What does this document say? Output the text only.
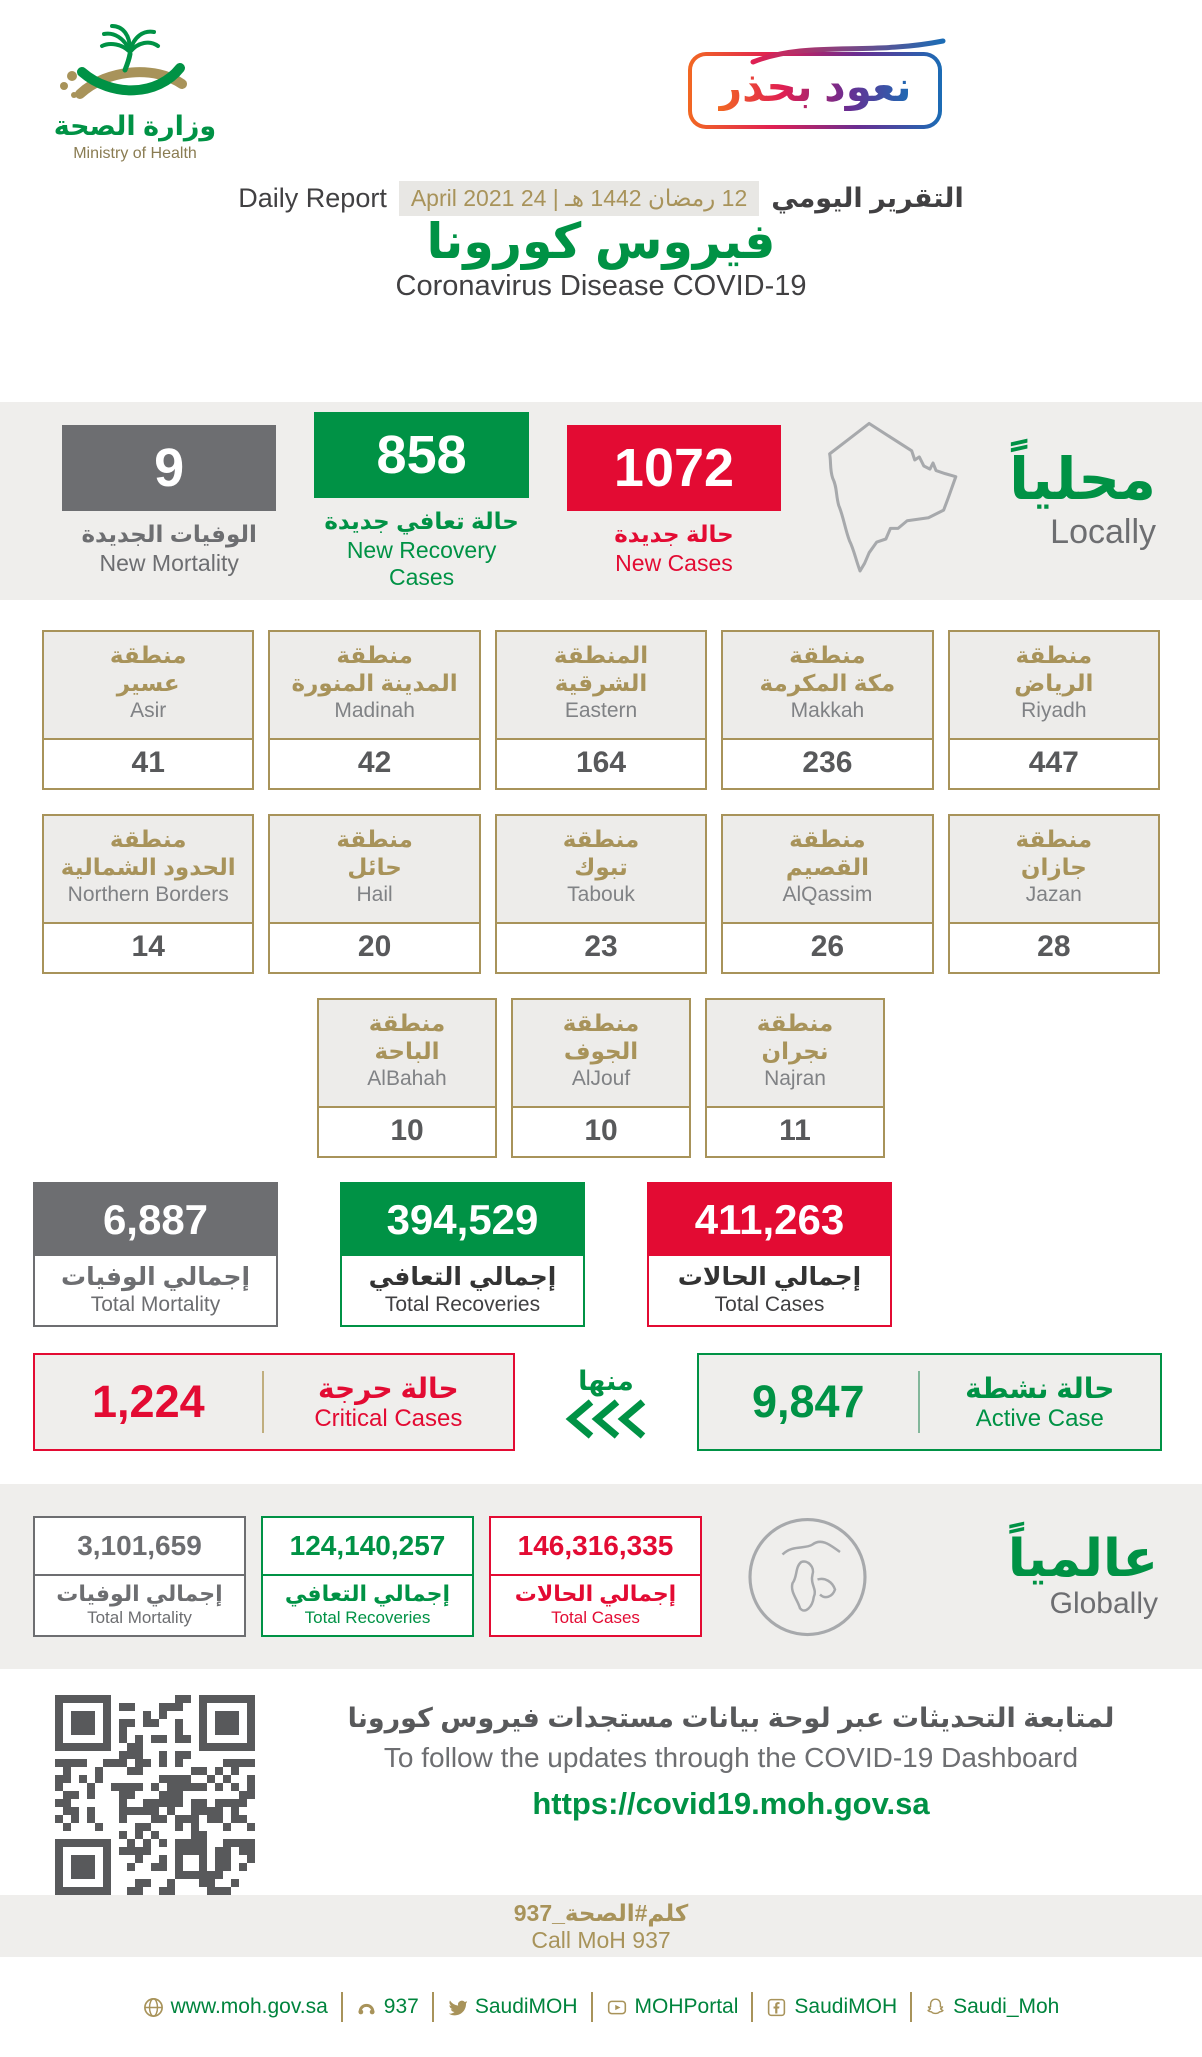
وزارة الصحة
Ministry of Health
نعود بحذر
Daily Report	12 رمضان 1442 هـ | 24 April 2021 التقرير اليومي
فيروس كورونا
Coronavirus Disease COVID-19
9
الوفيات الجديدة
New Mortality
858
حالة تعافي جديدة
New Recovery Cases
1072
حالة جديدة
New Cases
محلياً
Locally
منطقة
عسير
Asir
41
منطقة
المدينة المنورة
Madinah
42
المنطقة
الشرقية
Eastern
164
منطقة
مكة المكرمة
Makkah
236
منطقة
الرياض
Riyadh
447
منطقة
الحدود الشمالية
Northern Borders
14
منطقة
حائل
Hail
20
منطقة
تبوك
Tabouk
23
منطقة
القصيم
AlQassim
26
منطقة
جازان
Jazan
28
منطقة
الباحة
AlBahah
10
منطقة
الجوف
AlJouf
10
منطقة
نجران
Najran
11
6,887
إجمالي الوفيات
Total Mortality
394,529
إجمالي التعافي
Total Recoveries
411,263
إجمالي الحالات
Total Cases
1,224	حالة حرجة
Critical Cases
منها	9,847	حالة نشطة
Active Case
3,101,659
إجمالي الوفيات
Total Mortality
124,140,257
إجمالي التعافي
Total Recoveries
146,316,335
إجمالي الحالات
Total Cases
عالمياً
Globally
لمتابعة التحديثات عبر لوحة بيانات مستجدات فيروس كورونا
To follow the updates through the COVID-19 Dashboard
https://covid19.moh.gov.sa
كلم#الصحة_937
Call MoH 937
www.moh.gov.sa	937	SaudiMOH	MOHPortal	SaudiMOH	Saudi_Moh
